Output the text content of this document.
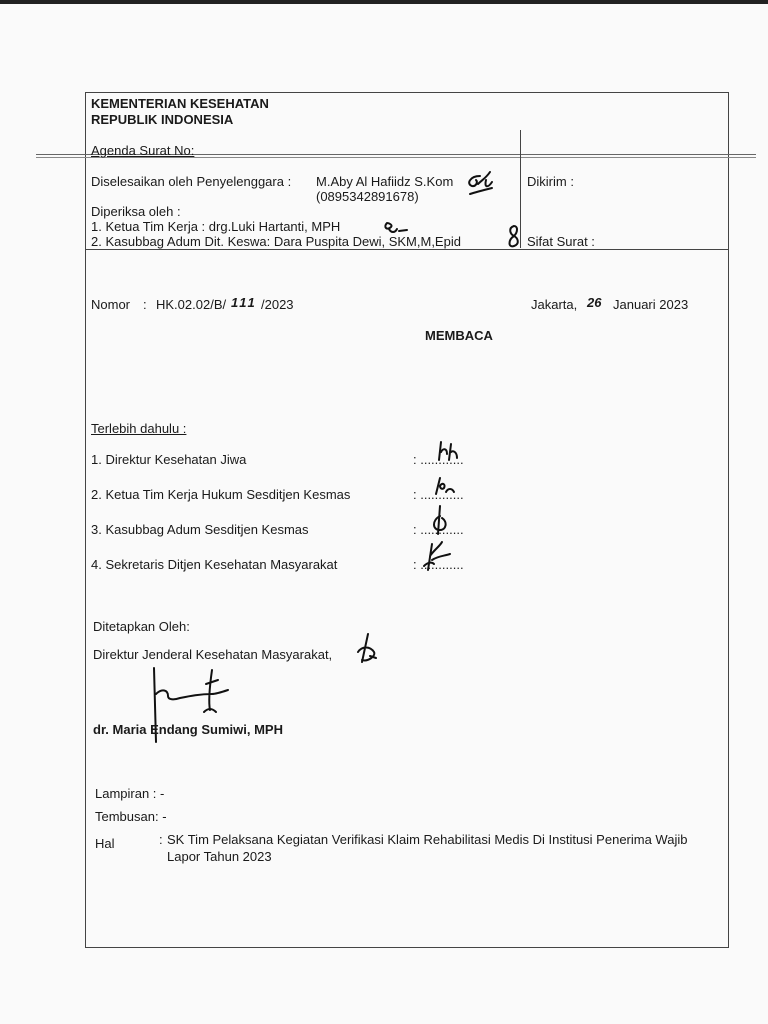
KEMENTERIAN KESEHATAN
REPUBLIK INDONESIA
Agenda Surat No:
Diselesaikan oleh Penyelenggara : M.Aby Al Hafiidz S.Kom
(0895342891678)
Dikirim :
Diperiksa oleh :
1. Ketua Tim Kerja : drg.Luki Hartanti, MPH
2. Kasubbag Adum Dit. Keswa: Dara Puspita Dewi, SKM,M,Epid	Sifat Surat :
Nomor : HK.02.02/B/ 111 /2023	Jakarta, 26 Januari 2023
MEMBACA
Terlebih dahulu :
1. Direktur Kesehatan Jiwa	: ............
2. Ketua Tim Kerja Hukum Sesditjen Kesmas	: ............
3. Kasubbag Adum Sesditjen Kesmas	: ............
4. Sekretaris Ditjen Kesehatan Masyarakat	: ............
Ditetapkan Oleh:
Direktur Jenderal Kesehatan Masyarakat,
dr. Maria Endang Sumiwi, MPH
Lampiran : -
Tembusan: -
Hal	: SK Tim Pelaksana Kegiatan Verifikasi Klaim Rehabilitasi Medis Di Institusi Penerima Wajib
Lapor Tahun 2023
